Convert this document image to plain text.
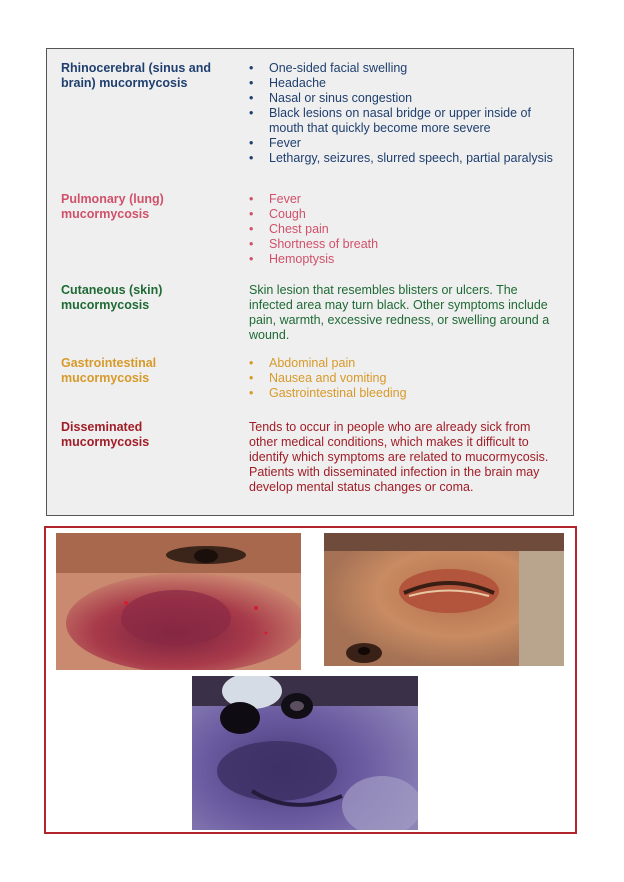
Rhinocerebral (sinus and brain) mucormycosis
• One-sided facial swelling
• Headache
• Nasal or sinus congestion
• Black lesions on nasal bridge or upper inside of mouth that quickly become more severe
• Fever
• Lethargy, seizures, slurred speech, partial paralysis
Pulmonary (lung) mucormycosis
• Fever
• Cough
• Chest pain
• Shortness of breath
• Hemoptysis
Cutaneous (skin) mucormycosis
Skin lesion that resembles blisters or ulcers. The infected area may turn black. Other symptoms include pain, warmth, excessive redness, or swelling around a wound.
Gastrointestinal mucormycosis
• Abdominal pain
• Nausea and vomiting
• Gastrointestinal bleeding
Disseminated mucormycosis
Tends to occur in people who are already sick from other medical conditions, which makes it difficult to identify which symptoms are related to mucormycosis. Patients with disseminated infection in the brain may develop mental status changes or coma.
